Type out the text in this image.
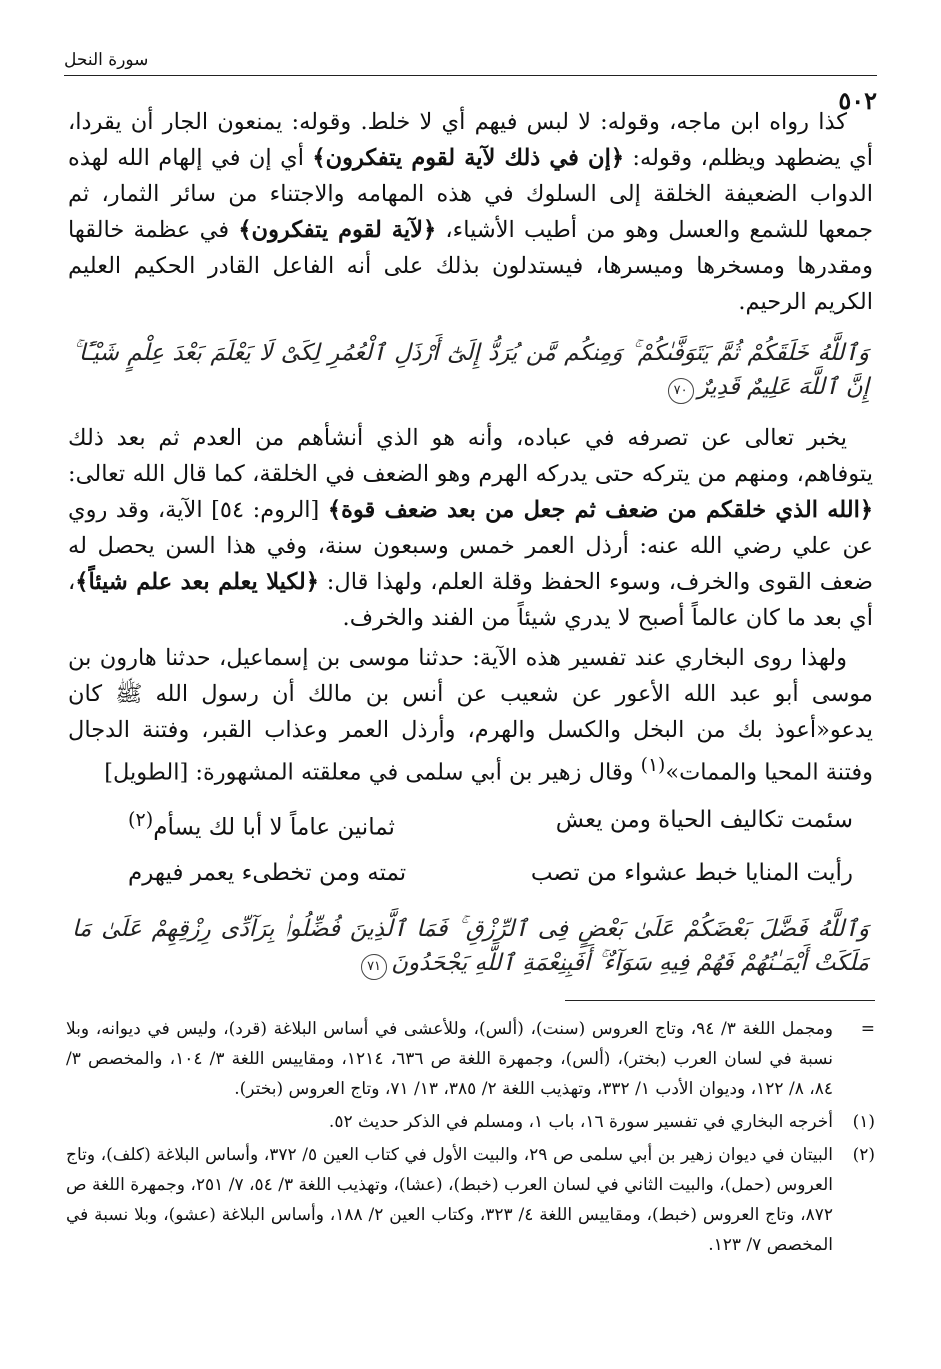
سورة النحل
٥٠٢

كذا رواه ابن ماجه، وقوله: لا لبس فيهم أي لا خلط. وقوله: يمنعون الجار أن يقردا، أي يضطهد ويظلم، وقوله: ﴿إن في ذلك لآية لقوم يتفكرون﴾ أي إن في إلهام الله لهذه الدواب الضعيفة الخلقة إلى السلوك في هذه المهامه والاجتناء من سائر الثمار، ثم جمعها للشمع والعسل وهو من أطيب الأشياء، ﴿لآية لقوم يتفكرون﴾ في عظمة خالقها ومقدرها ومسخرها وميسرها، فيستدلون بذلك على أنه الفاعل القادر الحكيم العليم الكريم الرحيم.

وَٱللَّهُ خَلَقَكُمْ ثُمَّ يَتَوَفَّىٰكُمْ ۚ وَمِنكُم مَّن يُرَدُّ إِلَىٰٓ أَرْذَلِ ٱلْعُمُرِ لِكَىْ لَا يَعْلَمَ بَعْدَ عِلْمٍ شَيْـًٔا ۚ إِنَّ ٱللَّهَ عَلِيمٌ قَدِيرٌ٧٠

يخبر تعالى عن تصرفه في عباده، وأنه هو الذي أنشأهم من العدم ثم بعد ذلك يتوفاهم، ومنهم من يتركه حتى يدركه الهرم وهو الضعف في الخلقة، كما قال الله تعالى: ﴿الله الذي خلقكم من ضعف ثم جعل من بعد ضعف قوة﴾ [الروم: ٥٤] الآية، وقد روي عن علي رضي الله عنه: أرذل العمر خمس وسبعون سنة، وفي هذا السن يحصل له ضعف القوى والخرف، وسوء الحفظ وقلة العلم، ولهذا قال: ﴿لكيلا يعلم بعد علم شيئاً﴾، أي بعد ما كان عالماً أصبح لا يدري شيئاً من الفند والخرف.

ولهذا روى البخاري عند تفسير هذه الآية: حدثنا موسى بن إسماعيل، حدثنا هارون بن موسى أبو عبد الله الأعور عن شعيب عن أنس بن مالك أن رسول الله ﷺ كان يدعو«أعوذ بك من البخل والكسل والهرم، وأرذل العمر وعذاب القبر، وفتنة الدجال وفتنة المحيا والممات»$^{(١)}$ وقال زهير بن أبي سلمى في معلقته المشهورة: [الطويل]

سئمت تكاليف الحياة ومن يعش
ثمانين عاماً لا أبا لك يسأم$^{(٢)}$
رأيت المنايا خبط عشواء من تصب
تمته ومن تخطىء يعمر فيهرم
وَٱللَّهُ فَضَّلَ بَعْضَكُمْ عَلَىٰ بَعْضٍ فِى ٱلرِّزْقِ ۚ فَمَا ٱلَّذِينَ فُضِّلُوا۟ بِرَآدِّى رِزْقِهِمْ عَلَىٰ مَا مَلَكَتْ أَيْمَـٰنُهُمْ فَهُمْ فِيهِ سَوَآءٌ ۚ أَفَبِنِعْمَةِ ٱللَّهِ يَجْحَدُونَ٧١
=
ومجمل اللغة ٣/ ٩٤، وتاج العروس (سنت)، (ألس)، وللأعشى في أساس البلاغة (قرد)، وليس في ديوانه، وبلا نسبة في لسان العرب (بختر)، (ألس)، وجمهرة اللغة ص ٦٣٦، ١٢١٤، ومقاييس اللغة ٣/ ١٠٤، والمخصص ٣/ ٨٤، ٨/ ١٢٢، وديوان الأدب ١/ ٣٣٢، وتهذيب اللغة ٢/ ٣٨٥، ١٣/ ٧١، وتاج العروس (بختر).
(١)
أخرجه البخاري في تفسير سورة ١٦، باب ١، ومسلم في الذكر حديث ٥٢.
(٢)
البيتان في ديوان زهير بن أبي سلمى ص ٢٩، والبيت الأول في كتاب العين ٥/ ٣٧٢، وأساس البلاغة (كلف)، وتاج العروس (حمل)، والبيت الثاني في لسان العرب (خبط)، (عشا)، وتهذيب اللغة ٣/ ٥٤، ٧/ ٢٥١، وجمهرة اللغة ص ٨٧٢، وتاج العروس (خبط)، ومقاييس اللغة ٤/ ٣٢٣، وكتاب العين ٢/ ١٨٨، وأساس البلاغة (عشو)، وبلا نسبة في المخصص ٧/ ١٢٣.
